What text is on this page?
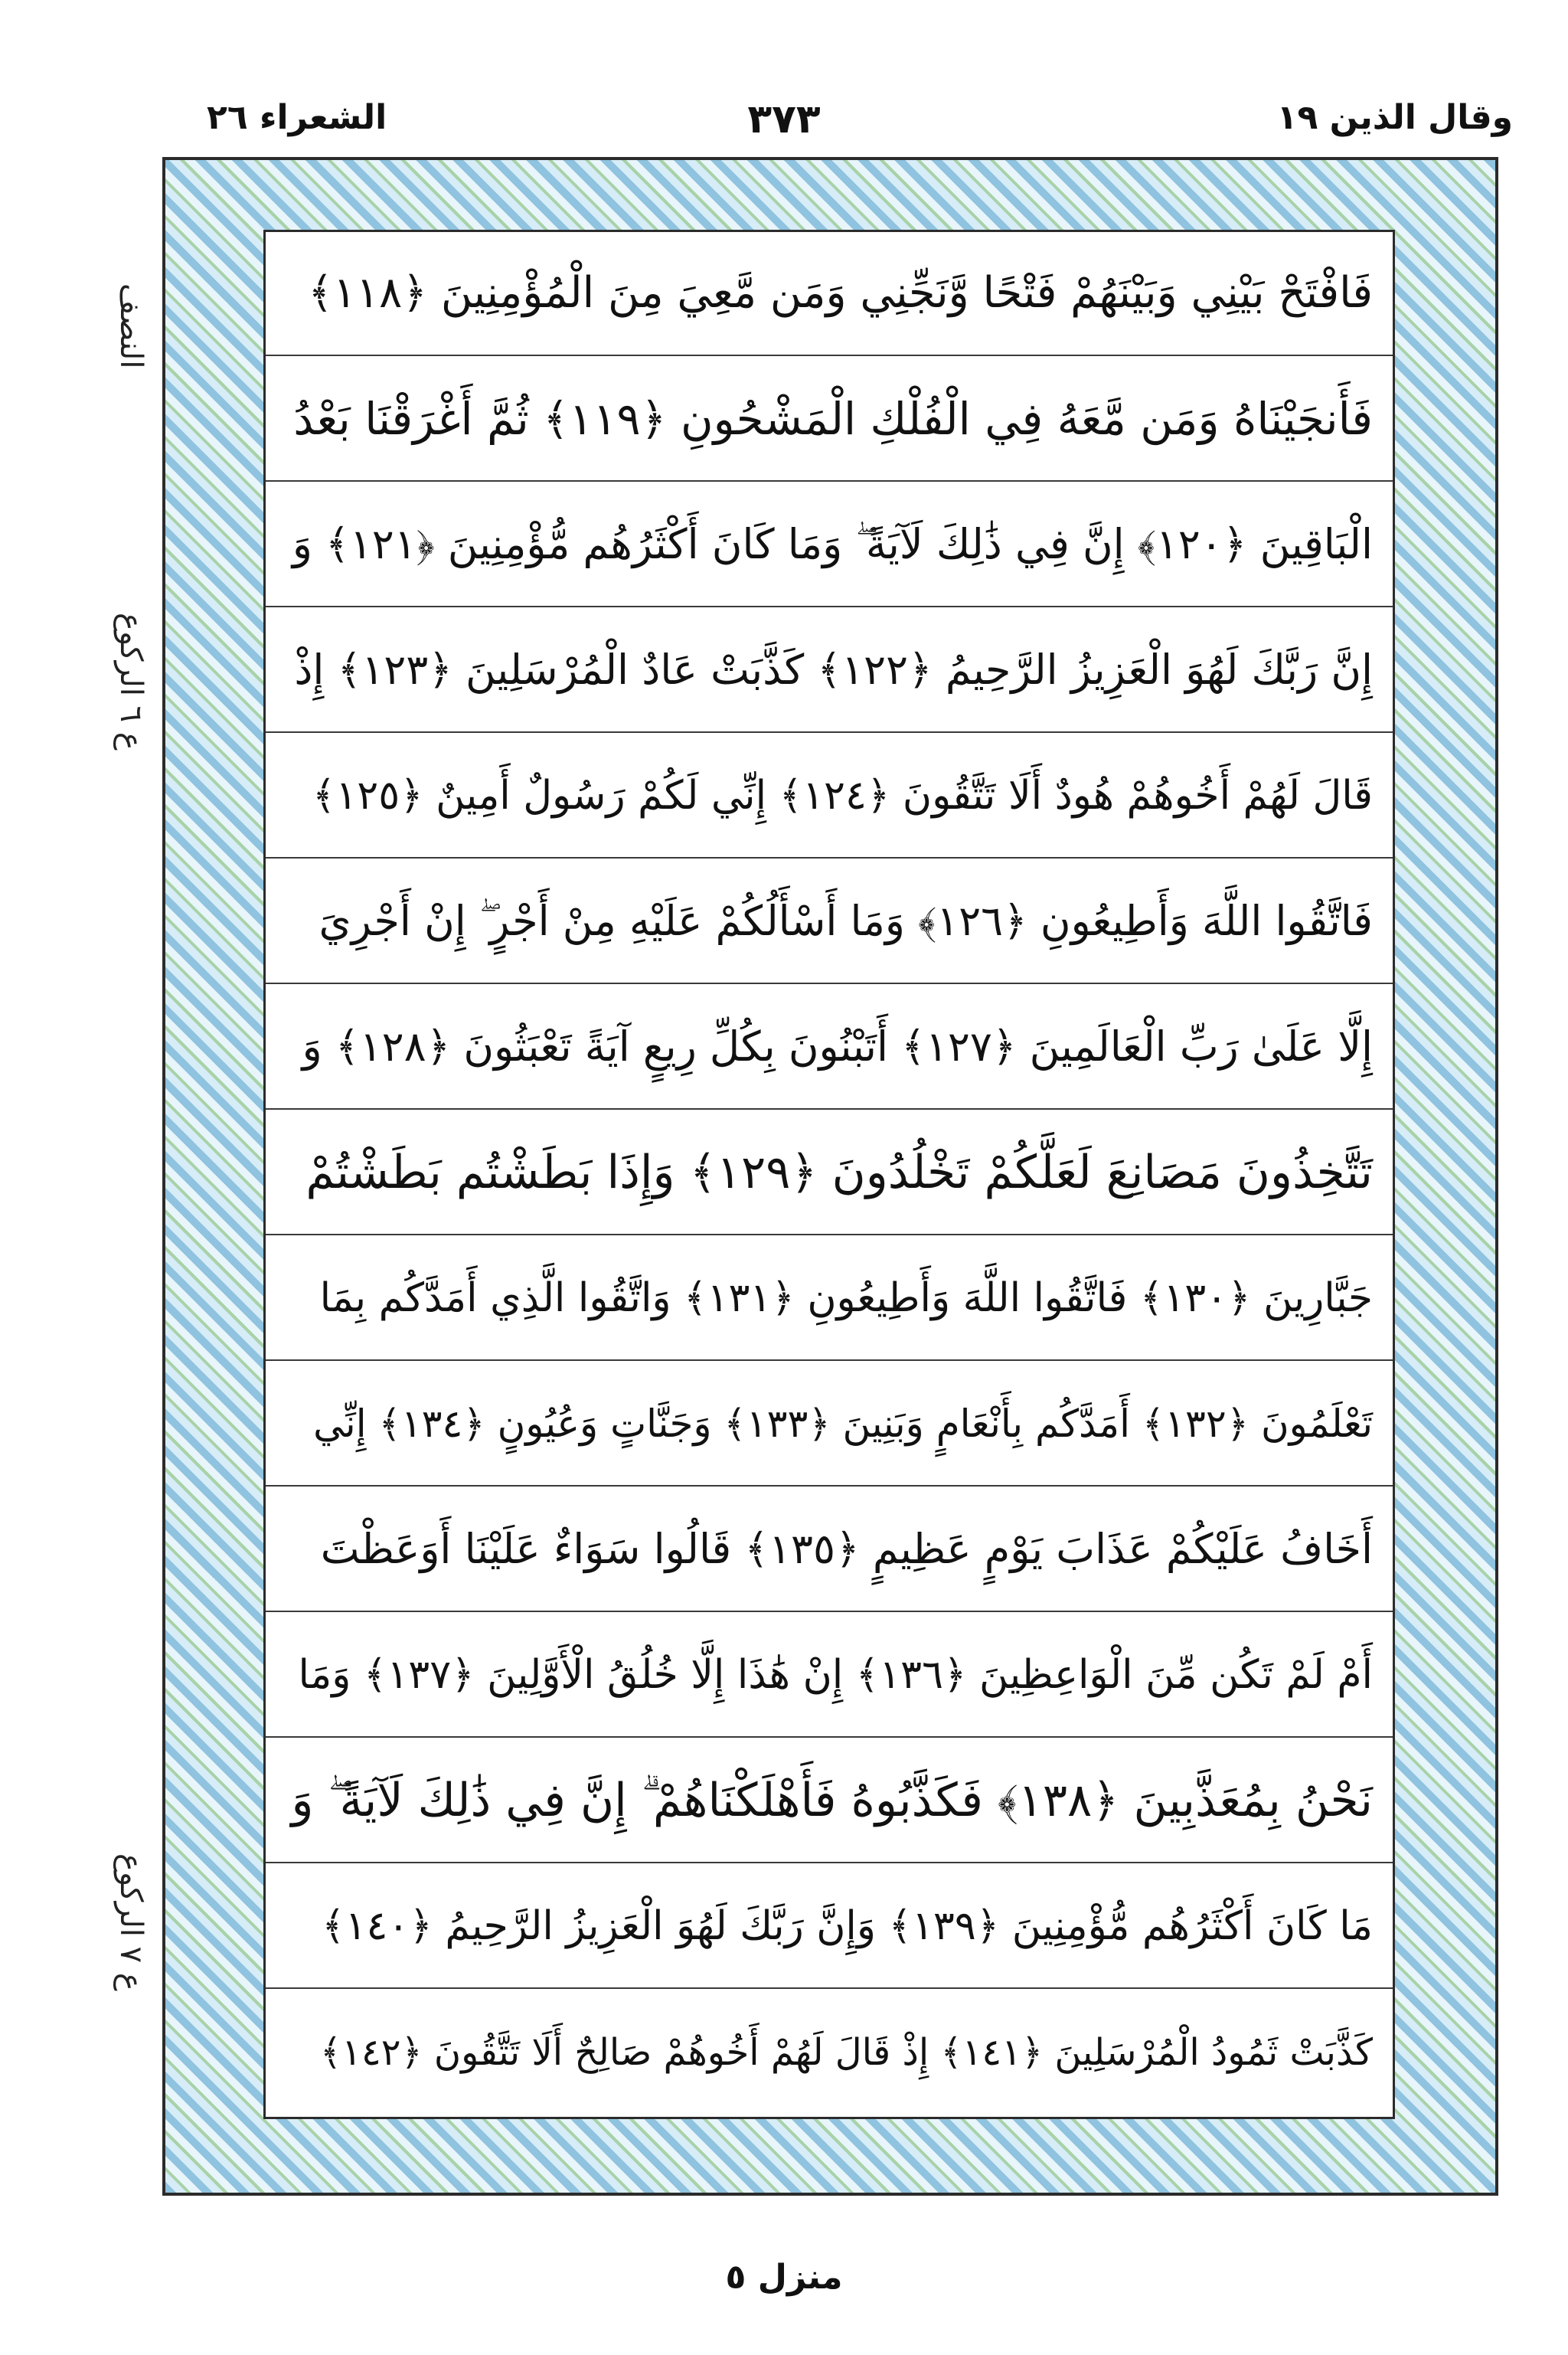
الشعراء ٢٦	٣٧٣	وقال الذين ١٩
النصف
ع ٦ الرکوع
ع ٧ الرکوع
فَافْتَحْ بَيْنِي وَبَيْنَهُمْ فَتْحًا وَّنَجِّنِي وَمَن مَّعِيَ مِنَ الْمُؤْمِنِينَ ﴿١١٨﴾
فَأَنجَيْنَاهُ وَمَن مَّعَهُ فِي الْفُلْكِ الْمَشْحُونِ ﴿١١٩﴾ ثُمَّ أَغْرَقْنَا بَعْدُ
الْبَاقِينَ ﴿١٢٠﴾ إِنَّ فِي ذَٰلِكَ لَآيَةً ۖ وَمَا كَانَ أَكْثَرُهُم مُّؤْمِنِينَ ﴿١٢١﴾ وَ
إِنَّ رَبَّكَ لَهُوَ الْعَزِيزُ الرَّحِيمُ ﴿١٢٢﴾ كَذَّبَتْ عَادٌ الْمُرْسَلِينَ ﴿١٢٣﴾ إِذْ
قَالَ لَهُمْ أَخُوهُمْ هُودٌ أَلَا تَتَّقُونَ ﴿١٢٤﴾ إِنِّي لَكُمْ رَسُولٌ أَمِينٌ ﴿١٢٥﴾
فَاتَّقُوا اللَّهَ وَأَطِيعُونِ ﴿١٢٦﴾ وَمَا أَسْأَلُكُمْ عَلَيْهِ مِنْ أَجْرٍ ۖ إِنْ أَجْرِيَ
إِلَّا عَلَىٰ رَبِّ الْعَالَمِينَ ﴿١٢٧﴾ أَتَبْنُونَ بِكُلِّ رِيعٍ آيَةً تَعْبَثُونَ ﴿١٢٨﴾ وَ
تَتَّخِذُونَ مَصَانِعَ لَعَلَّكُمْ تَخْلُدُونَ ﴿١٢٩﴾ وَإِذَا بَطَشْتُم بَطَشْتُمْ
جَبَّارِينَ ﴿١٣٠﴾ فَاتَّقُوا اللَّهَ وَأَطِيعُونِ ﴿١٣١﴾ وَاتَّقُوا الَّذِي أَمَدَّكُم بِمَا
تَعْلَمُونَ ﴿١٣٢﴾ أَمَدَّكُم بِأَنْعَامٍ وَبَنِينَ ﴿١٣٣﴾ وَجَنَّاتٍ وَعُيُونٍ ﴿١٣٤﴾ إِنِّي
أَخَافُ عَلَيْكُمْ عَذَابَ يَوْمٍ عَظِيمٍ ﴿١٣٥﴾ قَالُوا سَوَاءٌ عَلَيْنَا أَوَعَظْتَ
أَمْ لَمْ تَكُن مِّنَ الْوَاعِظِينَ ﴿١٣٦﴾ إِنْ هَٰذَا إِلَّا خُلُقُ الْأَوَّلِينَ ﴿١٣٧﴾ وَمَا
نَحْنُ بِمُعَذَّبِينَ ﴿١٣٨﴾ فَكَذَّبُوهُ فَأَهْلَكْنَاهُمْ ۗ إِنَّ فِي ذَٰلِكَ لَآيَةً ۖ وَ
مَا كَانَ أَكْثَرُهُم مُّؤْمِنِينَ ﴿١٣٩﴾ وَإِنَّ رَبَّكَ لَهُوَ الْعَزِيزُ الرَّحِيمُ ﴿١٤٠﴾
كَذَّبَتْ ثَمُودُ الْمُرْسَلِينَ ﴿١٤١﴾ إِذْ قَالَ لَهُمْ أَخُوهُمْ صَالِحٌ أَلَا تَتَّقُونَ ﴿١٤٢﴾
منزل ٥
